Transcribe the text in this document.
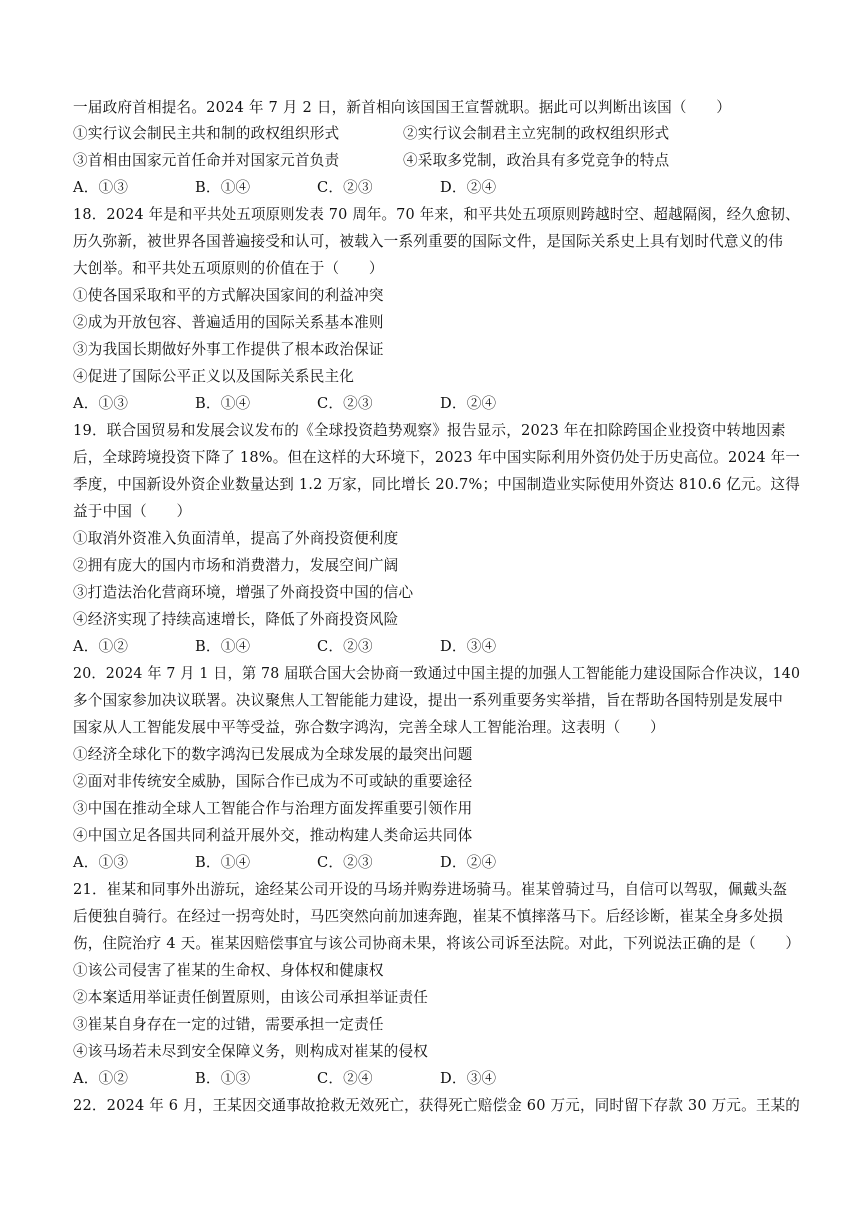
一届政府首相提名。2024 年 7 月 2 日，新首相向该国国王宣誓就职。据此可以判断出该国（　　）
①实行议会制民主共和制的政权组织形式	②实行议会制君主立宪制的政权组织形式
③首相由国家元首任命并对国家元首负责	④采取多党制，政治具有多党竞争的特点
A．①③	B．①④	C．②③	D．②④
18．2024 年是和平共处五项原则发表 70 周年。70 年来，和平共处五项原则跨越时空、超越隔阂，经久愈韧、
历久弥新，被世界各国普遍接受和认可，被载入一系列重要的国际文件，是国际关系史上具有划时代意义的伟
大创举。和平共处五项原则的价值在于（　　）
①使各国采取和平的方式解决国家间的利益冲突
②成为开放包容、普遍适用的国际关系基本准则
③为我国长期做好外事工作提供了根本政治保证
④促进了国际公平正义以及国际关系民主化
A．①③	B．①④	C．②③	D．②④
19．联合国贸易和发展会议发布的《全球投资趋势观察》报告显示，2023 年在扣除跨国企业投资中转地因素
后，全球跨境投资下降了 18%。但在这样的大环境下，2023 年中国实际利用外资仍处于历史高位。2024 年一
季度，中国新设外资企业数量达到 1.2 万家，同比增长 20.7%；中国制造业实际使用外资达 810.6 亿元。这得
益于中国（　　）
①取消外资准入负面清单，提高了外商投资便利度
②拥有庞大的国内市场和消费潜力，发展空间广阔
③打造法治化营商环境，增强了外商投资中国的信心
④经济实现了持续高速增长，降低了外商投资风险
A．①②	B．①④	C．②③	D．③④
20．2024 年 7 月 1 日，第 78 届联合国大会协商一致通过中国主提的加强人工智能能力建设国际合作决议，140
多个国家参加决议联署。决议聚焦人工智能能力建设，提出一系列重要务实举措，旨在帮助各国特别是发展中
国家从人工智能发展中平等受益，弥合数字鸿沟，完善全球人工智能治理。这表明（　　）
①经济全球化下的数字鸿沟已发展成为全球发展的最突出问题
②面对非传统安全威胁，国际合作已成为不可或缺的重要途径
③中国在推动全球人工智能合作与治理方面发挥重要引领作用
④中国立足各国共同利益开展外交，推动构建人类命运共同体
A．①③	B．①④	C．②③	D．②④
21．崔某和同事外出游玩，途经某公司开设的马场并购券进场骑马。崔某曾骑过马，自信可以驾驭，佩戴头盔
后便独自骑行。在经过一拐弯处时，马匹突然向前加速奔跑，崔某不慎摔落马下。后经诊断，崔某全身多处损
伤，住院治疗 4 天。崔某因赔偿事宜与该公司协商未果，将该公司诉至法院。对此，下列说法正确的是（　　）
①该公司侵害了崔某的生命权、身体权和健康权
②本案适用举证责任倒置原则，由该公司承担举证责任
③崔某自身存在一定的过错，需要承担一定责任
④该马场若未尽到安全保障义务，则构成对崔某的侵权
A．①②	B．①③	C．②④	D．③④
22．2024 年 6 月，王某因交通事故抢救无效死亡，获得死亡赔偿金 60 万元，同时留下存款 30 万元。王某的
